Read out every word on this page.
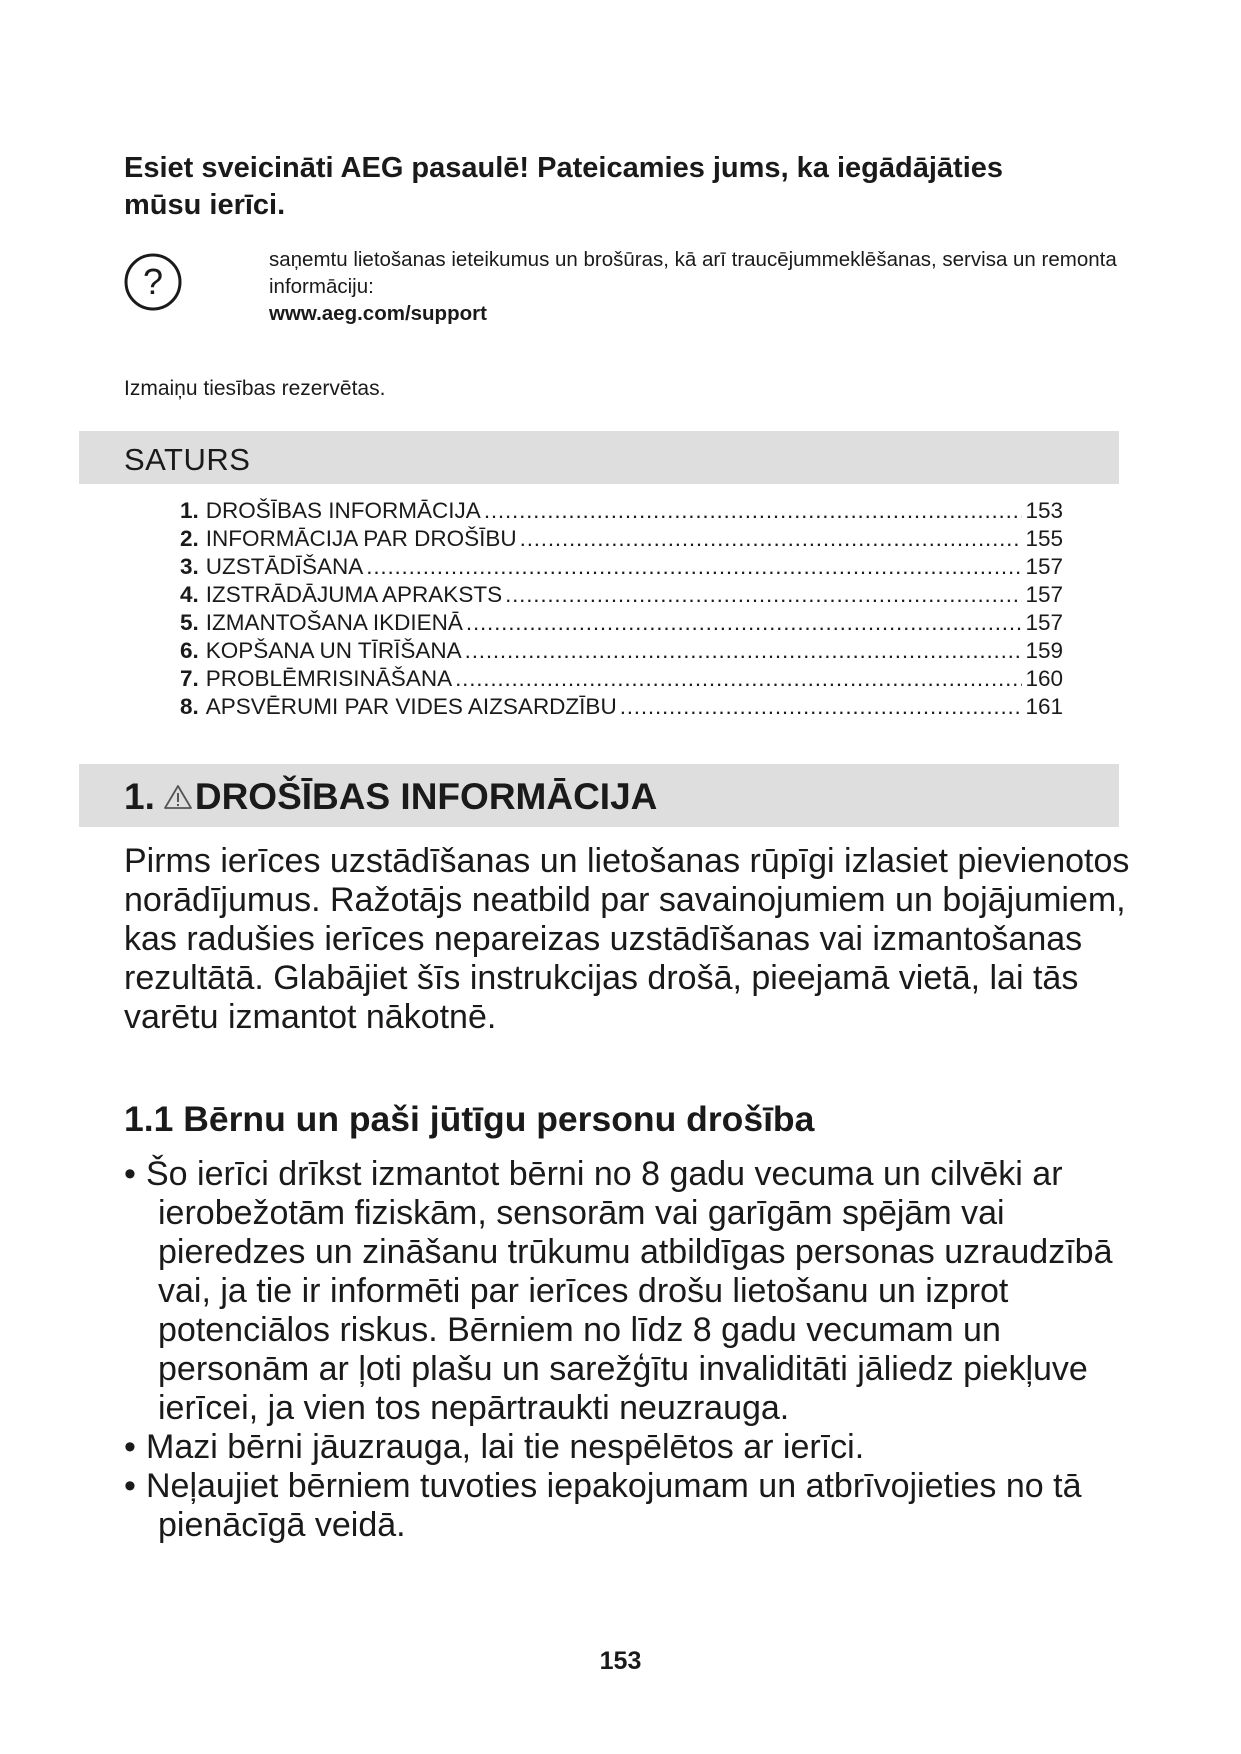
Esiet sveicināti AEG pasaulē! Pateicamies jums, ka iegādājāties mūsu ierīci.
?
saņemtu lietošanas ieteikumus un brošūras, kā arī traucējummeklēšanas, servisa un remonta informāciju:
www.aeg.com/support
Izmaiņu tiesības rezervētas.
SATURS
1. DROŠĪBAS INFORMĀCIJA .....	153
2. INFORMĀCIJA PAR DROŠĪBU .....	155
3. UZSTĀDĪŠANA .....	157
4. IZSTRĀDĀJUMA APRAKSTS .....	157
5. IZMANTOŠANA IKDIENĀ .....	157
6. KOPŠANA UN TĪRĪŠANA .....	159
7. PROBLĒMRISINĀŠANA .....	160
8. APSVĒRUMI PAR VIDES AIZSARDZĪBU .....	161
1. DROŠĪBAS INFORMĀCIJA
Pirms ierīces uzstādīšanas un lietošanas rūpīgi izlasiet pievienotos norādījumus. Ražotājs neatbild par savainojumiem un bojājumiem, kas radušies ierīces nepareizas uzstādīšanas vai izmantošanas rezultātā. Glabājiet šīs instrukcijas drošā, pieejamā vietā, lai tās varētu izmantot nākotnē.
1.1 Bērnu un paši jūtīgu personu drošība
• Šo ierīci drīkst izmantot bērni no 8 gadu vecuma un cilvēki ar ierobežotām fiziskām, sensorām vai garīgām spējām vai pieredzes un zināšanu trūkumu atbildīgas personas uzraudzībā vai, ja tie ir informēti par ierīces drošu lietošanu un izprot potenciālos riskus. Bērniem no līdz 8 gadu vecumam un personām ar ļoti plašu un sarežģītu invaliditāti jāliedz piekļuve ierīcei, ja vien tos nepārtraukti neuzrauga.
• Mazi bērni jāuzrauga, lai tie nespēlētos ar ierīci.
• Neļaujiet bērniem tuvoties iepakojumam un atbrīvojieties no tā pienācīgā veidā.
153
